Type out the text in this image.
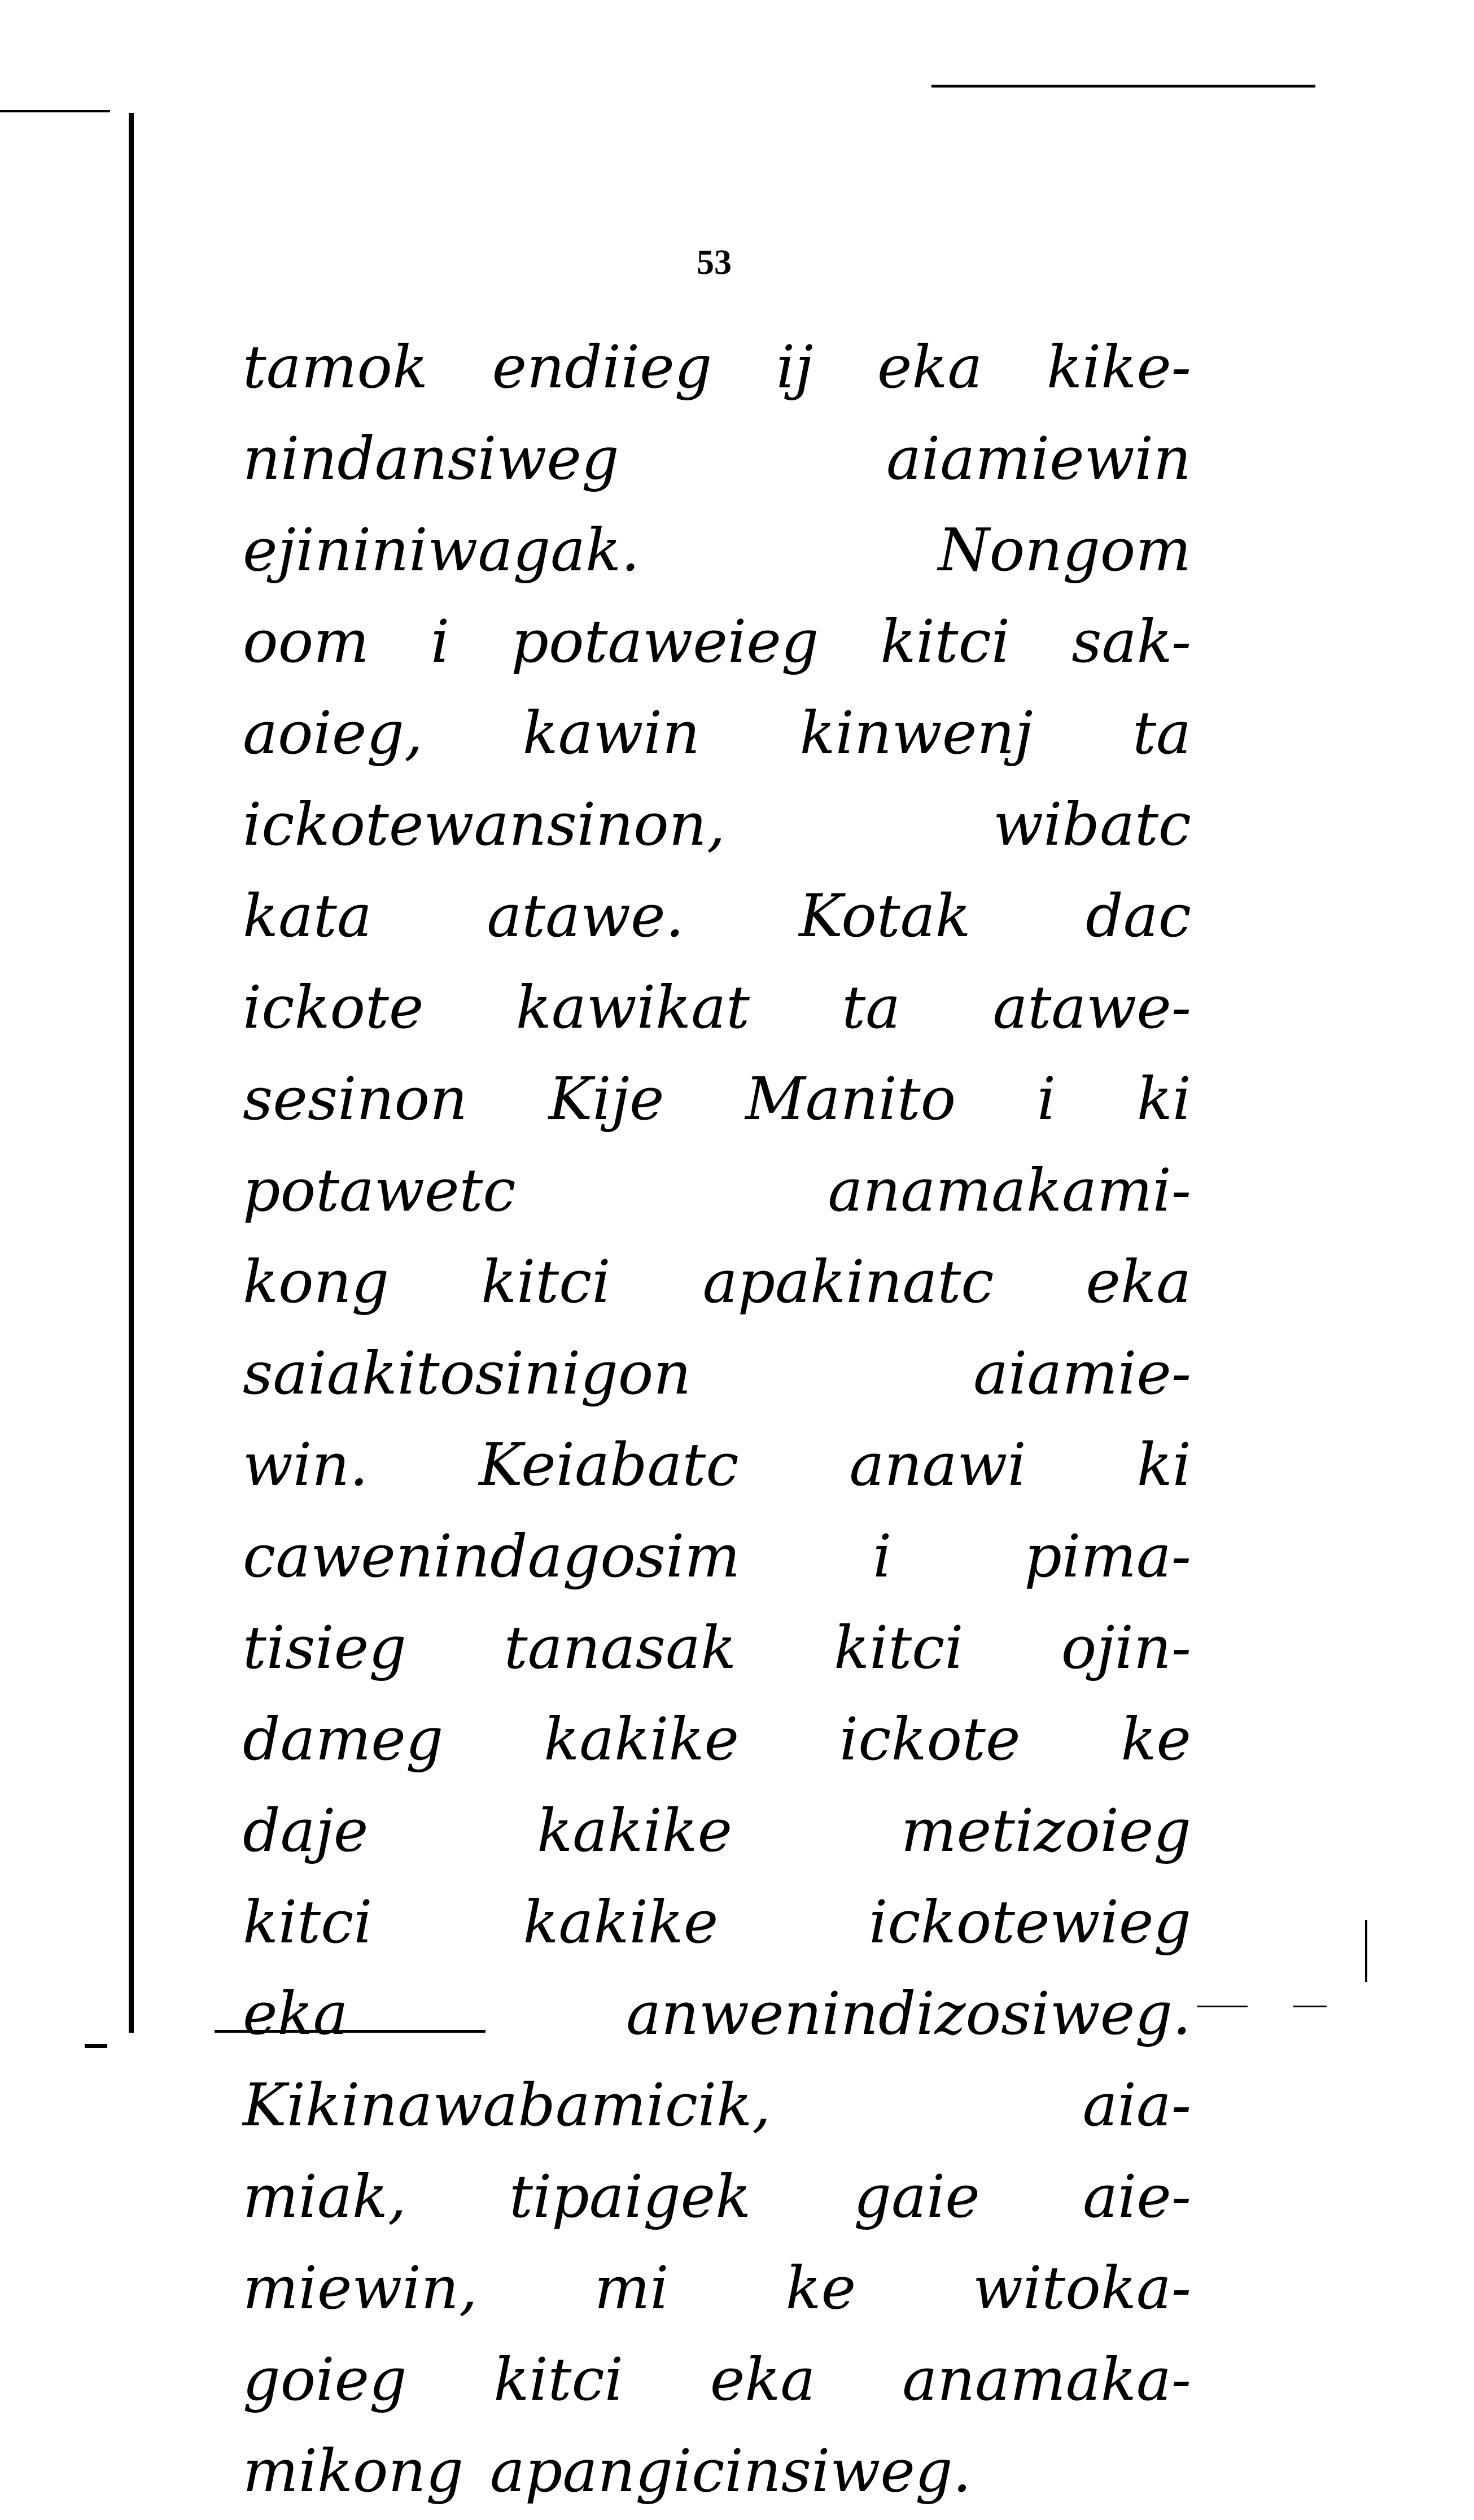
53
tamok endiieg ij eka kike-
nindansiweg	aiamiewin
ejininiwagak.	Nongom
oom i potaweieg kitci sak-
aoieg, kawin kinwenj ta
ickotewansinon,	wibatc
kata atawe. Kotak dac
ickote kawikat ta atawe-
sesinon Kije Manito i ki
potawetc	anamakami-
kong kitci apakinatc eka
saiakitosinigon	aiamie-
win. Keiabatc anawi ki
cawenindagosim i pima-
tisieg tanasak kitci ojin-
dameg kakike ickote ke
daje	kakike	metizoieg
kitci	kakike	ickotewieg
eka	anwenindizosiweg.
Kikinawabamicik,	aia-
miak, tipaigek gaie aie-
miewin, mi ke witoka-
goieg kitci eka anamaka-
mikong apangicinsiweg.
